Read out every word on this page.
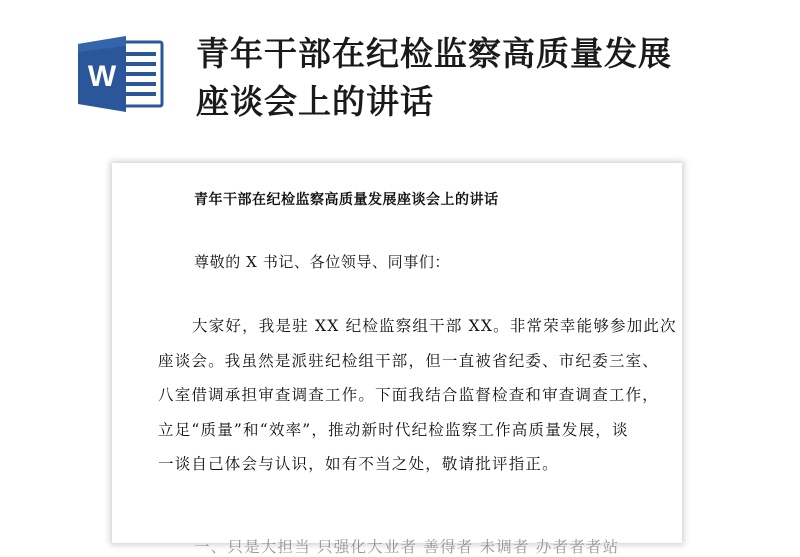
W
青年干部在纪检监察高质量发展
座谈会上的讲话
青年干部在纪检监察高质量发展座谈会上的讲话
尊敬的 X 书记、各位领导、同事们：
大家好，我是驻 XX 纪检监察组干部 XX。非常荣幸能够参加此次
座谈会。我虽然是派驻纪检组干部，但一直被省纪委、市纪委三室、
八室借调承担审查调查工作。下面我结合监督检查和审查调查工作，
立足“质量”和“效率”，推动新时代纪检监察工作高质量发展，谈
一谈自己体会与认识，如有不当之处，敬请批评指正。
一、只是大担当 只强化大业者 善得者 未调者 办者者者站
